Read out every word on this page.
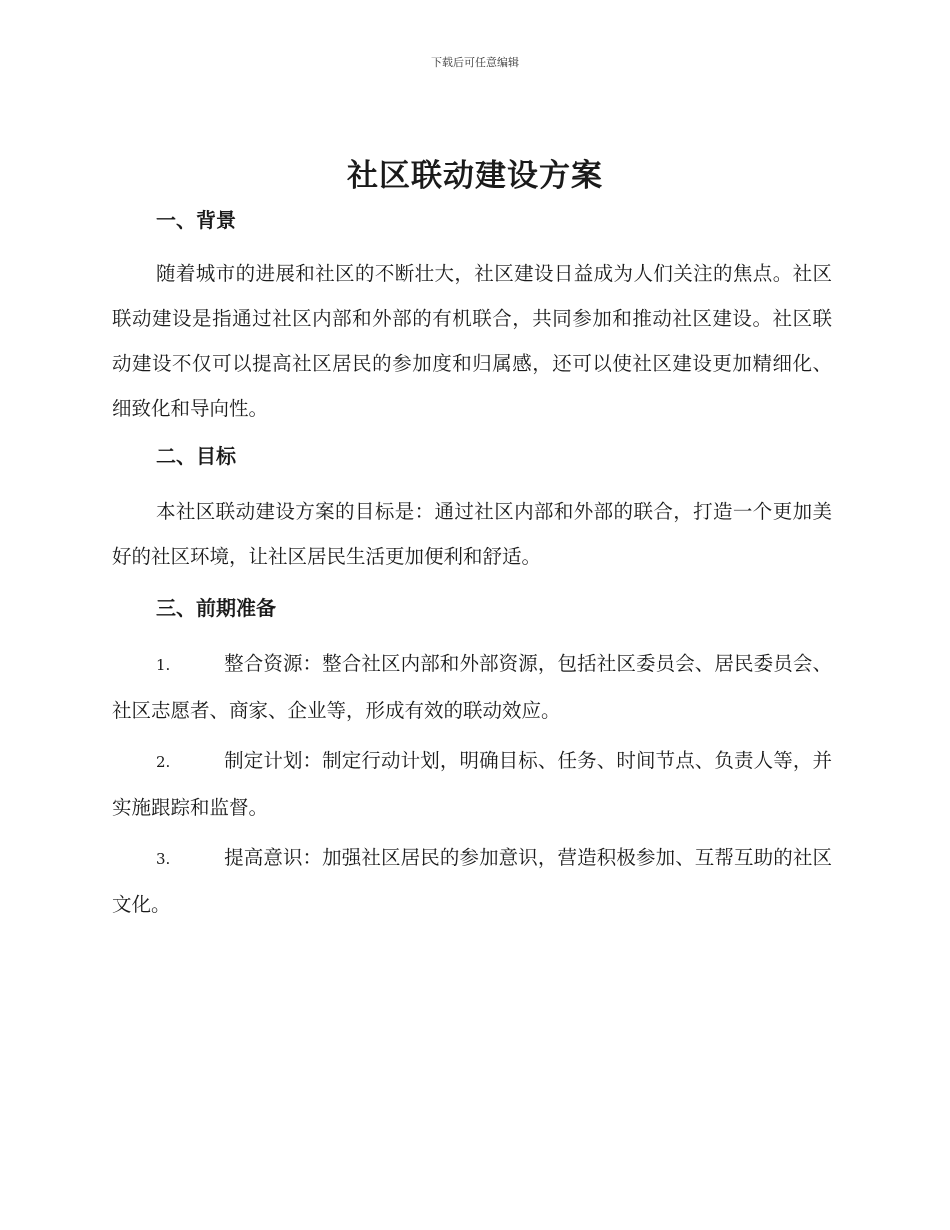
下载后可任意编辑
社区联动建设方案
一、背景

随着城市的进展和社区的不断壮大，社区建设日益成为人们关注的焦点。社区联动建设是指通过社区内部和外部的有机联合，共同参加和推动社区建设。社区联动建设不仅可以提高社区居民的参加度和归属感，还可以使社区建设更加精细化、细致化和导向性。

二、目标

本社区联动建设方案的目标是：通过社区内部和外部的联合，打造一个更加美好的社区环境，让社区居民生活更加便利和舒适。

三、前期准备

1.	整合资源：整合社区内部和外部资源，包括社区委员会、居民委员会、社区志愿者、商家、企业等，形成有效的联动效应。

2.	制定计划：制定行动计划，明确目标、任务、时间节点、负责人等，并实施跟踪和监督。

3.	提高意识：加强社区居民的参加意识，营造积极参加、互帮互助的社区文化。
